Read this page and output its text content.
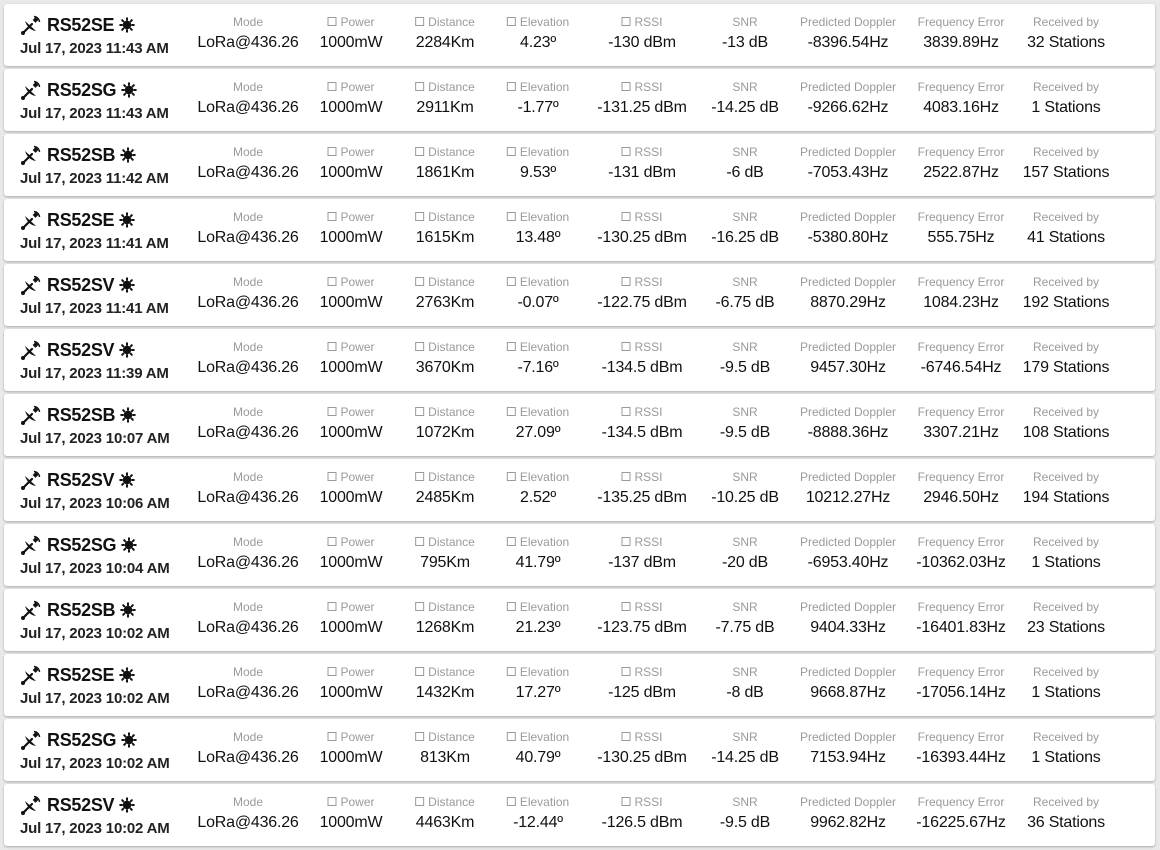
RS52SE
Jul 17, 2023 11:43 AM
Mode
LoRa@436.26
Power
1000mW
Distance
2284Km
Elevation
4.23º
RSSI
-130 dBm
SNR
-13 dB
Predicted Doppler
-8396.54Hz
Frequency Error
3839.89Hz
Received by
32 Stations
RS52SG
Jul 17, 2023 11:43 AM
Mode
LoRa@436.26
Power
1000mW
Distance
2911Km
Elevation
-1.77º
RSSI
-131.25 dBm
SNR
-14.25 dB
Predicted Doppler
-9266.62Hz
Frequency Error
4083.16Hz
Received by
1 Stations
RS52SB
Jul 17, 2023 11:42 AM
Mode
LoRa@436.26
Power
1000mW
Distance
1861Km
Elevation
9.53º
RSSI
-131 dBm
SNR
-6 dB
Predicted Doppler
-7053.43Hz
Frequency Error
2522.87Hz
Received by
157 Stations
RS52SE
Jul 17, 2023 11:41 AM
Mode
LoRa@436.26
Power
1000mW
Distance
1615Km
Elevation
13.48º
RSSI
-130.25 dBm
SNR
-16.25 dB
Predicted Doppler
-5380.80Hz
Frequency Error
555.75Hz
Received by
41 Stations
RS52SV
Jul 17, 2023 11:41 AM
Mode
LoRa@436.26
Power
1000mW
Distance
2763Km
Elevation
-0.07º
RSSI
-122.75 dBm
SNR
-6.75 dB
Predicted Doppler
8870.29Hz
Frequency Error
1084.23Hz
Received by
192 Stations
RS52SV
Jul 17, 2023 11:39 AM
Mode
LoRa@436.26
Power
1000mW
Distance
3670Km
Elevation
-7.16º
RSSI
-134.5 dBm
SNR
-9.5 dB
Predicted Doppler
9457.30Hz
Frequency Error
-6746.54Hz
Received by
179 Stations
RS52SB
Jul 17, 2023 10:07 AM
Mode
LoRa@436.26
Power
1000mW
Distance
1072Km
Elevation
27.09º
RSSI
-134.5 dBm
SNR
-9.5 dB
Predicted Doppler
-8888.36Hz
Frequency Error
3307.21Hz
Received by
108 Stations
RS52SV
Jul 17, 2023 10:06 AM
Mode
LoRa@436.26
Power
1000mW
Distance
2485Km
Elevation
2.52º
RSSI
-135.25 dBm
SNR
-10.25 dB
Predicted Doppler
10212.27Hz
Frequency Error
2946.50Hz
Received by
194 Stations
RS52SG
Jul 17, 2023 10:04 AM
Mode
LoRa@436.26
Power
1000mW
Distance
795Km
Elevation
41.79º
RSSI
-137 dBm
SNR
-20 dB
Predicted Doppler
-6953.40Hz
Frequency Error
-10362.03Hz
Received by
1 Stations
RS52SB
Jul 17, 2023 10:02 AM
Mode
LoRa@436.26
Power
1000mW
Distance
1268Km
Elevation
21.23º
RSSI
-123.75 dBm
SNR
-7.75 dB
Predicted Doppler
9404.33Hz
Frequency Error
-16401.83Hz
Received by
23 Stations
RS52SE
Jul 17, 2023 10:02 AM
Mode
LoRa@436.26
Power
1000mW
Distance
1432Km
Elevation
17.27º
RSSI
-125 dBm
SNR
-8 dB
Predicted Doppler
9668.87Hz
Frequency Error
-17056.14Hz
Received by
1 Stations
RS52SG
Jul 17, 2023 10:02 AM
Mode
LoRa@436.26
Power
1000mW
Distance
813Km
Elevation
40.79º
RSSI
-130.25 dBm
SNR
-14.25 dB
Predicted Doppler
7153.94Hz
Frequency Error
-16393.44Hz
Received by
1 Stations
RS52SV
Jul 17, 2023 10:02 AM
Mode
LoRa@436.26
Power
1000mW
Distance
4463Km
Elevation
-12.44º
RSSI
-126.5 dBm
SNR
-9.5 dB
Predicted Doppler
9962.82Hz
Frequency Error
-16225.67Hz
Received by
36 Stations
